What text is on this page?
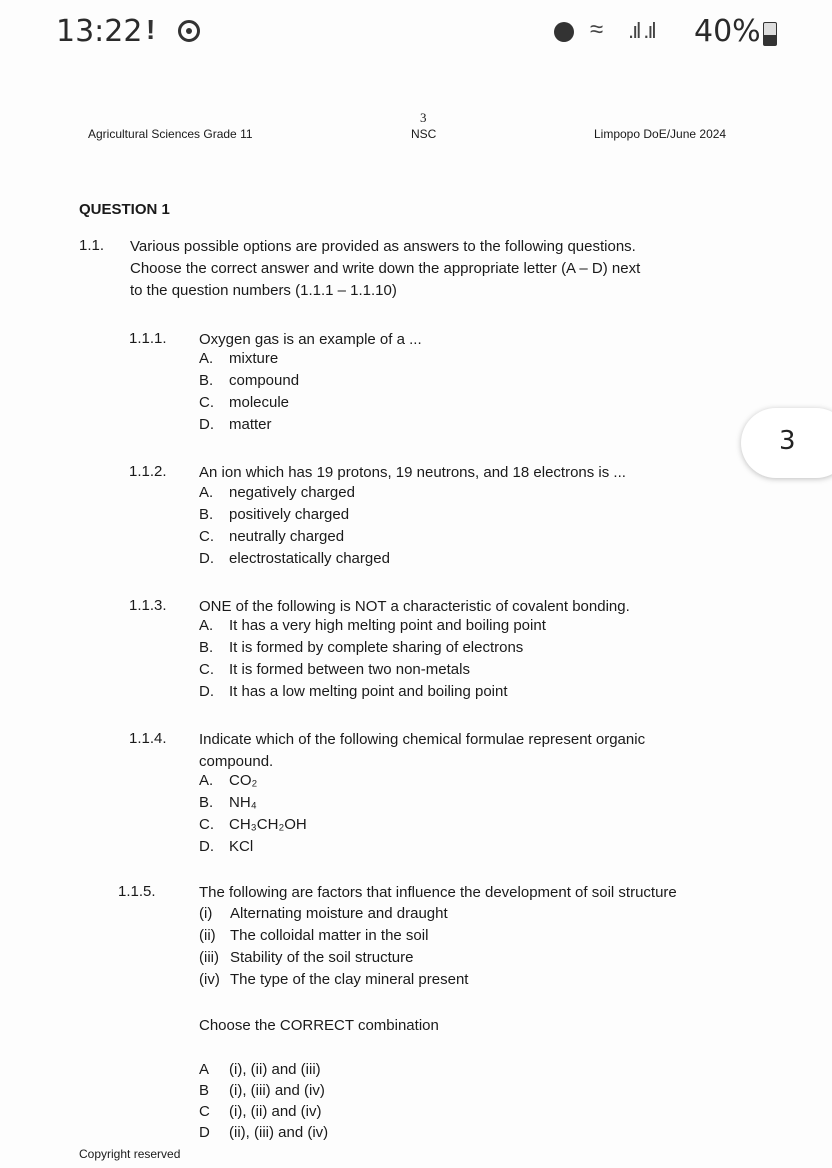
13:22 !	≈ .ıl .ıl 40%
Agricultural Sciences Grade 11
3
NSC	Limpopo DoE/June 2024
QUESTION 1
1.1. Various possible options are provided as answers to the following questions.
Choose the correct answer and write down the appropriate letter (A – D) next
to the question numbers (1.1.1 – 1.1.10)
1.1.1. Oxygen gas is an example of a ...
A. mixture
B. compound
C. molecule
D. matter
1.1.2. An ion which has 19 protons, 19 neutrons, and 18 electrons is ...
A. negatively charged
B. positively charged
C. neutrally charged
D. electrostatically charged
1.1.3. ONE of the following is NOT a characteristic of covalent bonding.
A. It has a very high melting point and boiling point
B. It is formed by complete sharing of electrons
C. It is formed between two non-metals
D. It has a low melting point and boiling point
1.1.4. Indicate which of the following chemical formulae represent organic
compound.
A. CO₂
B. NH₄
C. CH₃CH₂OH
D. KCl
1.1.5.	The following are factors that influence the development of soil structure
(i) Alternating moisture and draught
(ii) The colloidal matter in the soil
(iii) Stability of the soil structure
(iv) The type of the clay mineral present
Choose the CORRECT combination
A (i), (ii) and (iii)
B (i), (iii) and (iv)
C (i), (ii) and (iv)
D (ii), (iii) and (iv)
Copyright reserved
3
